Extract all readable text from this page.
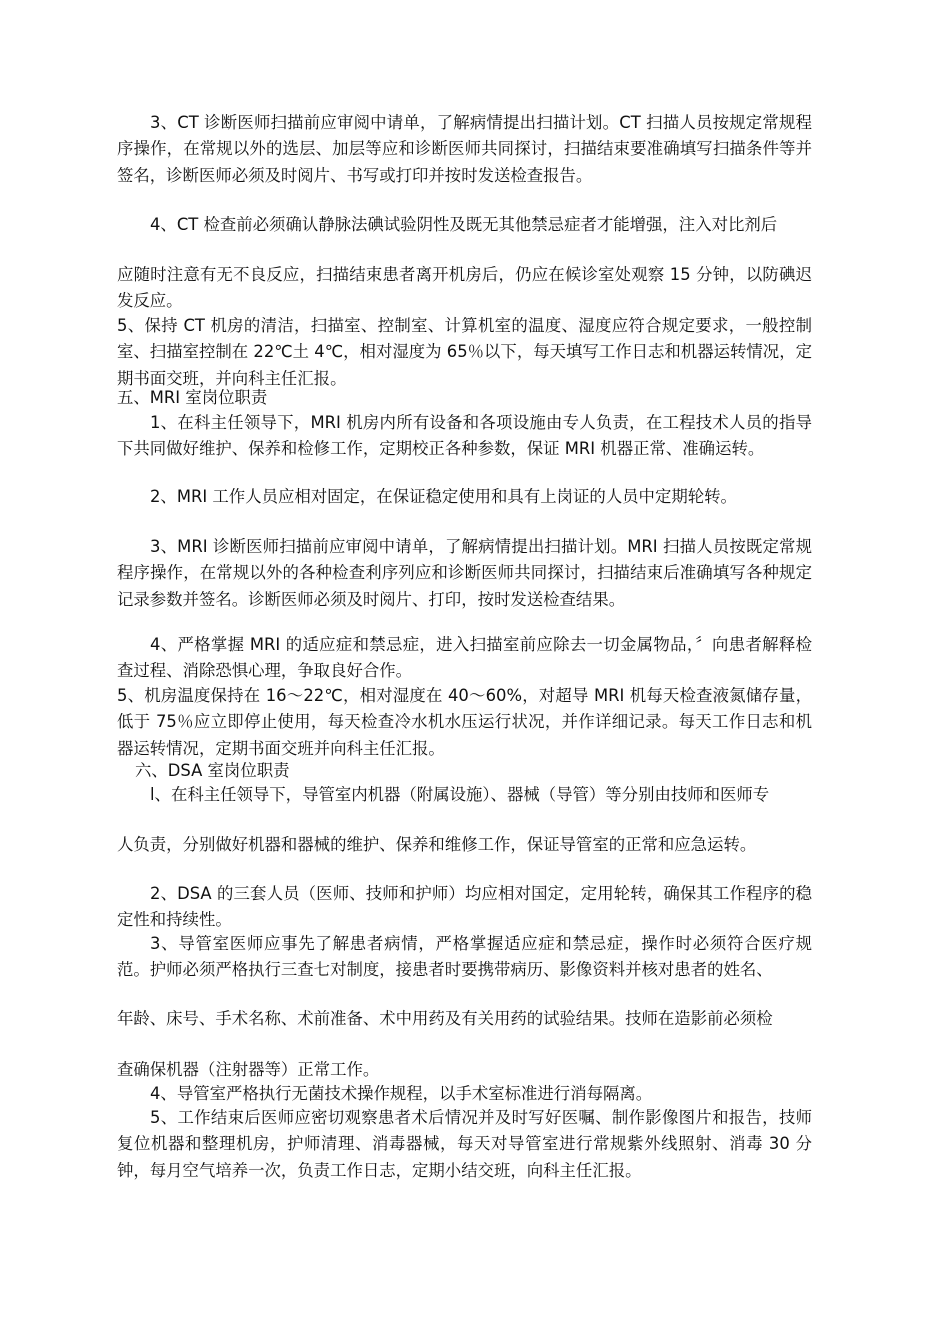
3、CT 诊断医师扫描前应审阅中请单，了解病情提出扫描计划。CT 扫描人员按规定常规程序操作，在常规以外的选层、加层等应和诊断医师共同探讨，扫描结束要准确填写扫描条件等并签名，诊断医师必须及时阅片、书写或打印并按时发送检查报告。

4、CT 检查前必须确认静脉法碘试验阴性及既无其他禁忌症者才能增强，注入对比剂后

应随时注意有无不良反应，扫描结束患者离开机房后，仍应在候诊室处观察 15 分钟，以防碘迟发反应。

5、保持 CT 机房的清洁，扫描室、控制室、计算机室的温度、湿度应符合规定要求，一般控制室、扫描室控制在 22℃土 4℃，相对湿度为 65％以下，每天填写工作日志和机器运转情况，定期书面交班，并向科主任汇报。

五、MRI 室岗位职责

1、在科主任领导下，MRI 机房内所有设备和各项设施由专人负责，在工程技术人员的指导下共同做好维护、保养和检修工作，定期校正各种参数，保证 MRI 机器正常、准确运转。

2、MRI 工作人员应相对固定，在保证稳定使用和具有上岗证的人员中定期轮转。

3、MRI 诊断医师扫描前应审阅中请单，了解病情提出扫描计划。MRI 扫描人员按既定常规程序操作，在常规以外的各种检查利序列应和诊断医师共同探讨，扫描结束后准确填写各种规定记录参数并签名。诊断医师必须及时阅片、打印，按时发送检查结果。

4、严格掌握 MRI 的适应症和禁忌症，进入扫描室前应除去一切金属物品，〞向患者解释检查过程、消除恐惧心理，争取良好合作。

5、机房温度保持在 16～22℃，相对湿度在 40～60%，对超导 MRI 机每天检查液氮储存量，低于 75％应立即停止使用，每天检查冷水机水压运行状况，并作详细记录。每天工作日志和机器运转情况，定期书面交班并向科主任汇报。

六、DSA 室岗位职责

l、在科主任领导下，导管室内机器（附属设施）、器械（导管）等分别由技师和医师专

人负责，分别做好机器和器械的维护、保养和维修工作，保证导管室的正常和应急运转。

2、DSA 的三套人员（医师、技师和护师）均应相对国定，定用轮转，确保其工作程序的稳定性和持续性。

3、导管室医师应事先了解患者病情，严格掌握适应症和禁忌症，操作时必须符合医疗规范。护师必须严格执行三查七对制度，接患者时要携带病历、影像资料并核对患者的姓名、

年龄、床号、手术名称、术前准备、术中用药及有关用药的试验结果。技师在造影前必须检

查确保机器（注射器等）正常工作。

4、导管室严格执行无菌技术操作规程，以手术室标准进行消每隔离。

5、工作结束后医师应密切观察患者术后情况并及时写好医嘱、制作影像图片和报告，技师复位机器和整理机房，护师清理、消毒器械，每天对导管室进行常规紫外线照射、消毒 30 分钟，每月空气培养一次，负责工作日志，定期小结交班，向科主任汇报。
